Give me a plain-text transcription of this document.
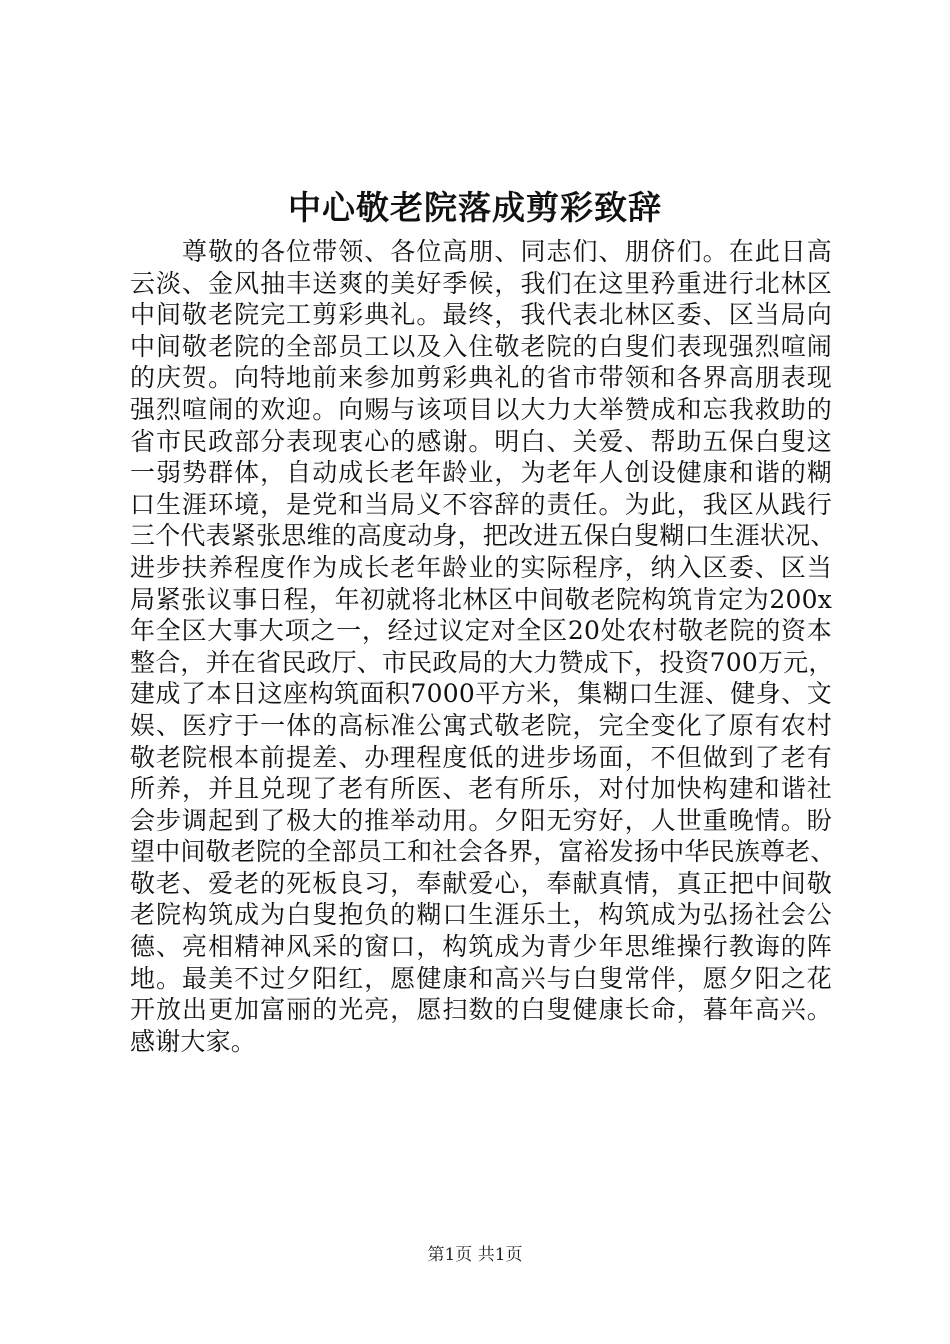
中心敬老院落成剪彩致辞
　　尊敬的各位带领、各位高朋、同志们、朋侪们。在此日高
云淡、金风抽丰送爽的美好季候，我们在这里矜重进行北林区
中间敬老院完工剪彩典礼。最终，我代表北林区委、区当局向
中间敬老院的全部员工以及入住敬老院的白叟们表现强烈喧闹
的庆贺。向特地前来参加剪彩典礼的省市带领和各界高朋表现
强烈喧闹的欢迎。向赐与该项目以大力大举赞成和忘我救助的
省市民政部分表现衷心的感谢。明白、关爱、帮助五保白叟这
一弱势群体，自动成长老年龄业，为老年人创设健康和谐的糊
口生涯环境，是党和当局义不容辞的责任。为此，我区从践行
三个代表紧张思维的高度动身，把改进五保白叟糊口生涯状况、
进步扶养程度作为成长老年龄业的实际程序，纳入区委、区当
局紧张议事日程，年初就将北林区中间敬老院构筑肯定为200x
年全区大事大项之一，经过议定对全区20处农村敬老院的资本
整合，并在省民政厅、市民政局的大力赞成下，投资700万元，
建成了本日这座构筑面积7000平方米，集糊口生涯、健身、文
娱、医疗于一体的高标准公寓式敬老院，完全变化了原有农村
敬老院根本前提差、办理程度低的进步场面，不但做到了老有
所养，并且兑现了老有所医、老有所乐，对付加快构建和谐社
会步调起到了极大的推举动用。夕阳无穷好，人世重晚情。盼
望中间敬老院的全部员工和社会各界，富裕发扬中华民族尊老、
敬老、爱老的死板良习，奉献爱心，奉献真情，真正把中间敬
老院构筑成为白叟抱负的糊口生涯乐土，构筑成为弘扬社会公
德、亮相精神风采的窗口，构筑成为青少年思维操行教诲的阵
地。最美不过夕阳红，愿健康和高兴与白叟常伴，愿夕阳之花
开放出更加富丽的光亮，愿扫数的白叟健康长命，暮年高兴。
感谢大家。
第1页 共1页
